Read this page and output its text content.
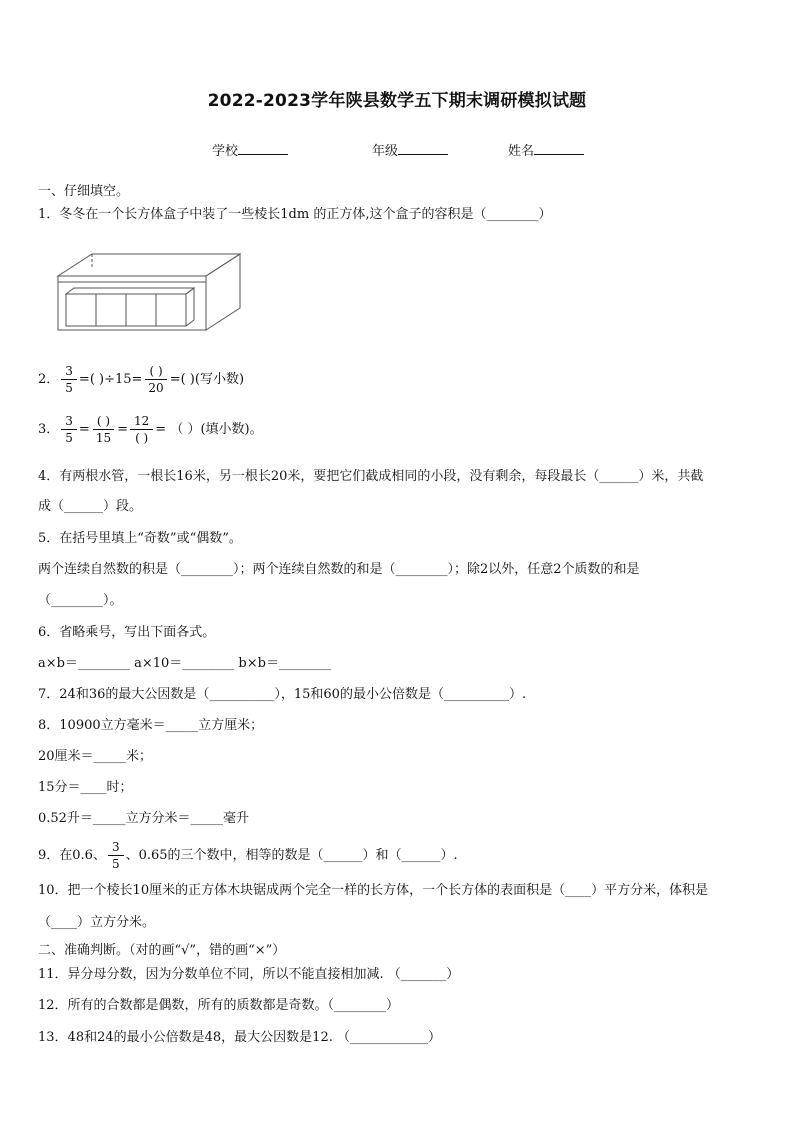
2022-2023学年陕县数学五下期末调研模拟试题
学校	年级	姓名
一、仔细填空。
1．冬冬在一个长方体盒子中装了一些棱长1dm 的正方体,这个盒子的容积是（________）
2． $\frac{3}{5}$ =( )$\div 15= \frac{( )}{20}$ =( )(写小数)
3． $\frac{3}{5} = \frac{( )}{15} = \frac{12}{( )}$ = （ ）(填小数)。
4．有两根水管，一根长16米，另一根长20米，要把它们截成相同的小段，没有剩余，每段最长（______）米，共截
成（______）段。
5．在括号里填上“奇数”或“偶数”。
两个连续自然数的积是（________）；两个连续自然数的和是（________）；除2以外，任意2个质数的和是
（________）。
6．省略乘号，写出下面各式。
a×b＝________ a×10＝________ b×b＝________
7．24和36的最大公因数是（__________），15和60的最小公倍数是（__________）.
8．10900立方毫米＝_____立方厘米；
20厘米＝_____米；
15分＝____时；
0.52升＝_____立方分米＝_____毫升
9．在0.6、 $\frac{3}{5}$ 、0.65的三个数中，相等的数是（______）和（______）.
10．把一个棱长10厘米的正方体木块锯成两个完全一样的长方体，一个长方体的表面积是（____）平方分米，体积是
（____）立方分米。
二、准确判断。（对的画“√”，错的画“×”）
11．异分母分数，因为分数单位不同，所以不能直接相加减. （_______）
12．所有的合数都是偶数，所有的质数都是奇数。（________）
13．48和24的最小公倍数是48，最大公因数是12. （____________）
